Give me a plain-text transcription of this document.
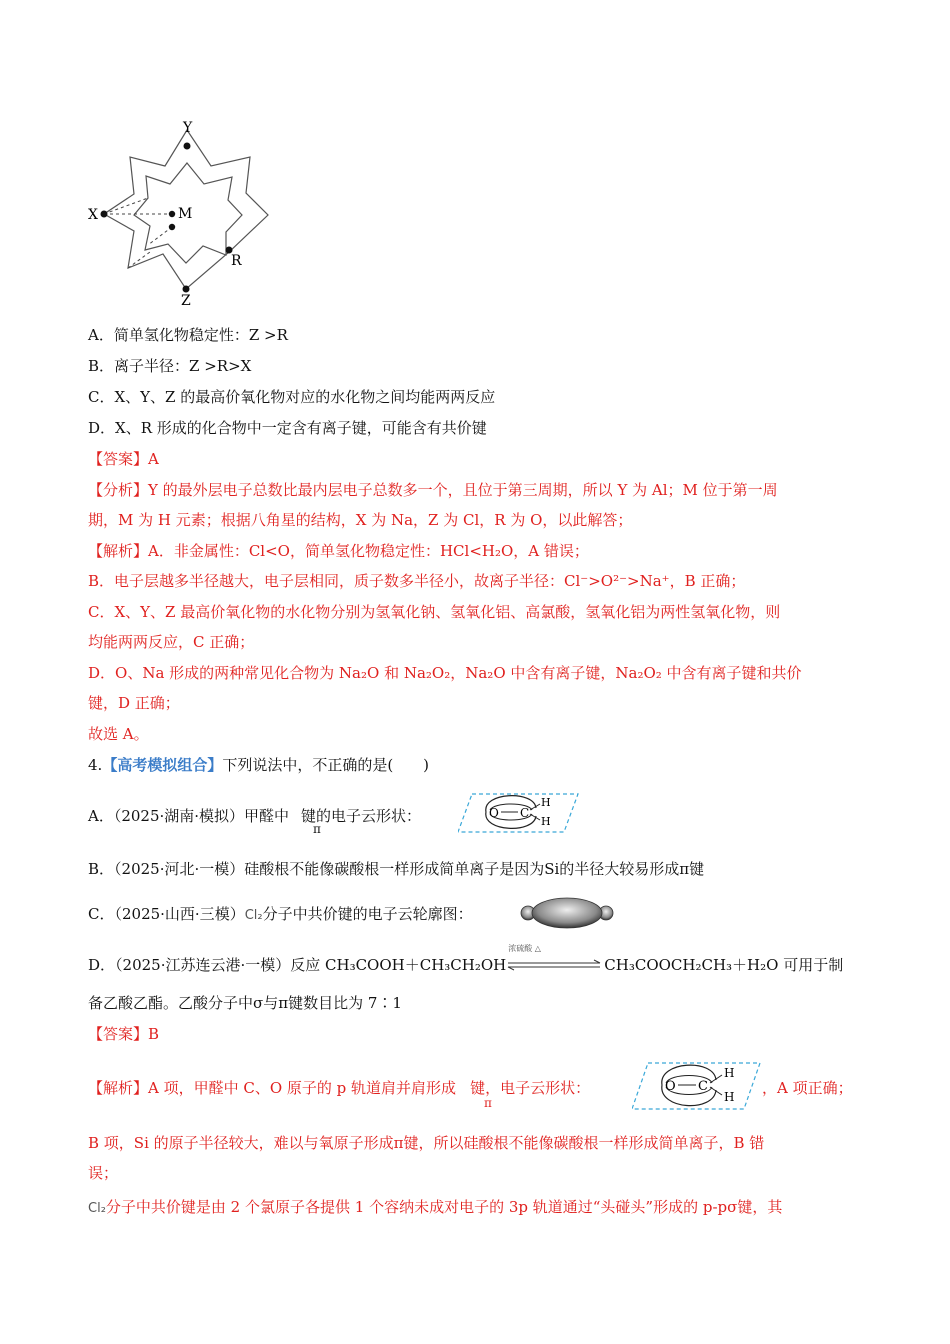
Y
X	M
R
Z
A．简单氢化物稳定性：Z >R
B．离子半径：Z >R>X
C．X、Y、Z 的最高价氧化物对应的水化物之间均能两两反应
D．X、R 形成的化合物中一定含有离子键，可能含有共价键
【答案】A
【分析】Y 的最外层电子总数比最内层电子总数多一个，且位于第三周期，所以 Y 为 Al；M 位于第一周
期，M 为 H 元素；根据八角星的结构，X 为 Na，Z 为 Cl，R 为 O，以此解答；
【解析】A．非金属性：Cl<O，简单氢化物稳定性：HCl<H₂O，A 错误；
B．电子层越多半径越大，电子层相同，质子数多半径小，故离子半径：Cl⁻>O²⁻>Na⁺，B 正确；
C．X、Y、Z 最高价氧化物的水化物分别为氢氧化钠、氢氧化铝、高氯酸，氢氧化铝为两性氢氧化物，则
均能两两反应，C 正确；
D．O、Na 形成的两种常见化合物为 Na₂O 和 Na₂O₂，Na₂O 中含有离子键，Na₂O₂ 中含有离子键和共价
键，D 正确；
故选 A。
4.【高考模拟组合】下列说法中，不正确的是(　　)
A．（2025·湖南·模拟）甲醛中 键的电子云形状：
π
O C
H
H
B．（2025·河北·一模）硅酸根不能像碳酸根一样形成简单离子是因为Si的半径大较易形成π键
C．（2025·山西·三模）Cl₂分子中共价键的电子云轮廓图：
D．（2025·江苏连云港·一模）反应 CH₃COOH＋CH₃CH₂OH
浓硫酸 △
CH₃COOCH₂CH₃＋H₂O 可用于制
备乙酸乙酯。乙酸分子中σ与π键数目比为 7∶1
【答案】B
【解析】A 项，甲醛中 C、O 原子的 p 轨道肩并肩形成 键，电子云形状：
π
O C
H
H ，A 项正确；
B 项，Si 的原子半径较大，难以与氧原子形成π键，所以硅酸根不能像碳酸根一样形成简单离子，B 错
误；
Cl₂分子中共价键是由 2 个氯原子各提供 1 个容纳未成对电子的 3p 轨道通过“头碰头”形成的 p-pσ键，其
